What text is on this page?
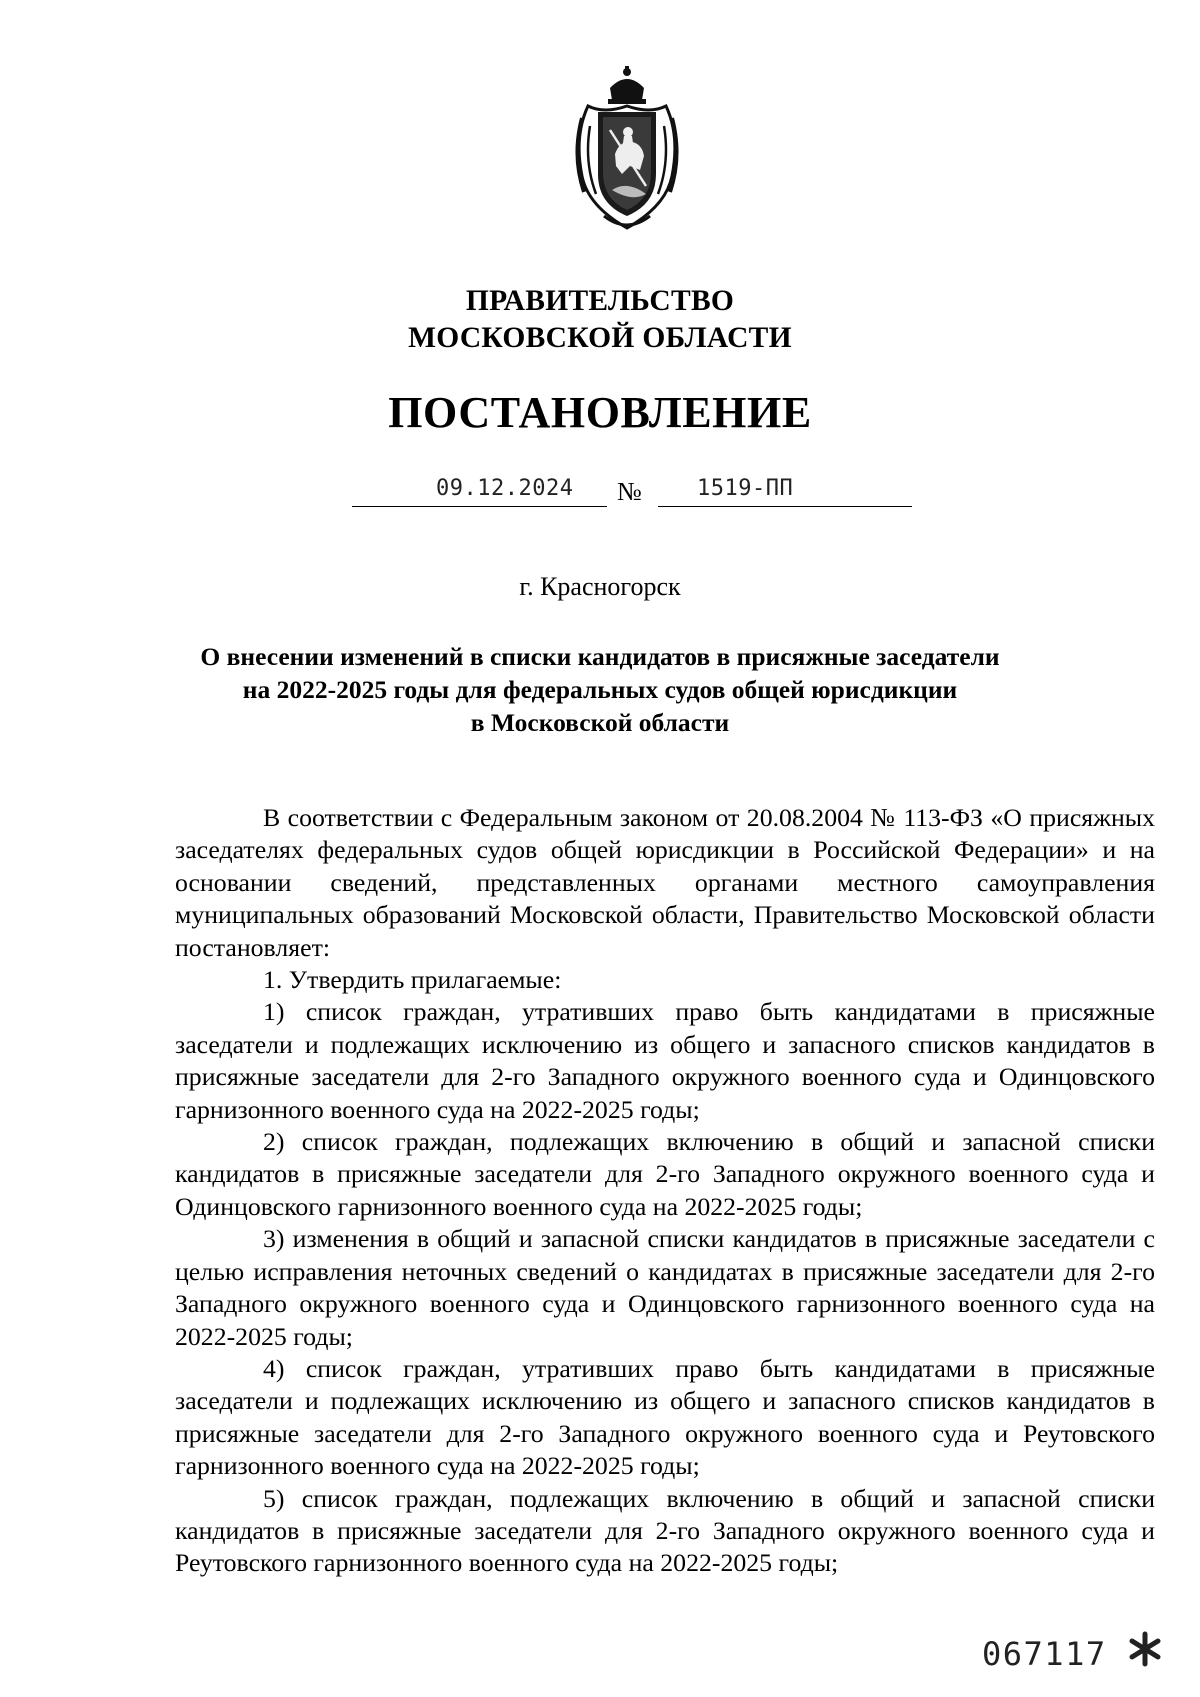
ПРАВИТЕЛЬСТВО
МОСКОВСКОЙ ОБЛАСТИ
ПОСТАНОВЛЕНИЕ
09.12.2024 №	1519-ПП
г. Красногорск
О внесении изменений в списки кандидатов в присяжные заседатели
на 2022-2025 годы для федеральных судов общей юрисдикции
в Московской области

В соответствии с Федеральным законом от 20.08.2004 № 113-ФЗ «О присяжных заседателях федеральных судов общей юрисдикции в Российской Федерации» и на основании сведений, представленных органами местного самоуправления муниципальных образований Московской области, Правительство Московской области постановляет:

1. Утвердить прилагаемые:

1) список граждан, утративших право быть кандидатами в присяжные заседатели и подлежащих исключению из общего и запасного списков кандидатов в присяжные заседатели для 2-го Западного окружного военного суда и Одинцовского гарнизонного военного суда на 2022-2025 годы;

2) список граждан, подлежащих включению в общий и запасной списки кандидатов в присяжные заседатели для 2-го Западного окружного военного суда и Одинцовского гарнизонного военного суда на 2022-2025 годы;

3) изменения в общий и запасной списки кандидатов в присяжные заседатели с целью исправления неточных сведений о кандидатах в присяжные заседатели для 2-го Западного окружного военного суда и Одинцовского гарнизонного военного суда на 2022-2025 годы;

4) список граждан, утративших право быть кандидатами в присяжные заседатели и подлежащих исключению из общего и запасного списков кандидатов в присяжные заседатели для 2-го Западного окружного военного суда и Реутовского гарнизонного военного суда на 2022-2025 годы;

5) список граждан, подлежащих включению в общий и запасной списки кандидатов в присяжные заседатели для 2-го Западного окружного военного суда и Реутовского гарнизонного военного суда на 2022-2025 годы;

067117
